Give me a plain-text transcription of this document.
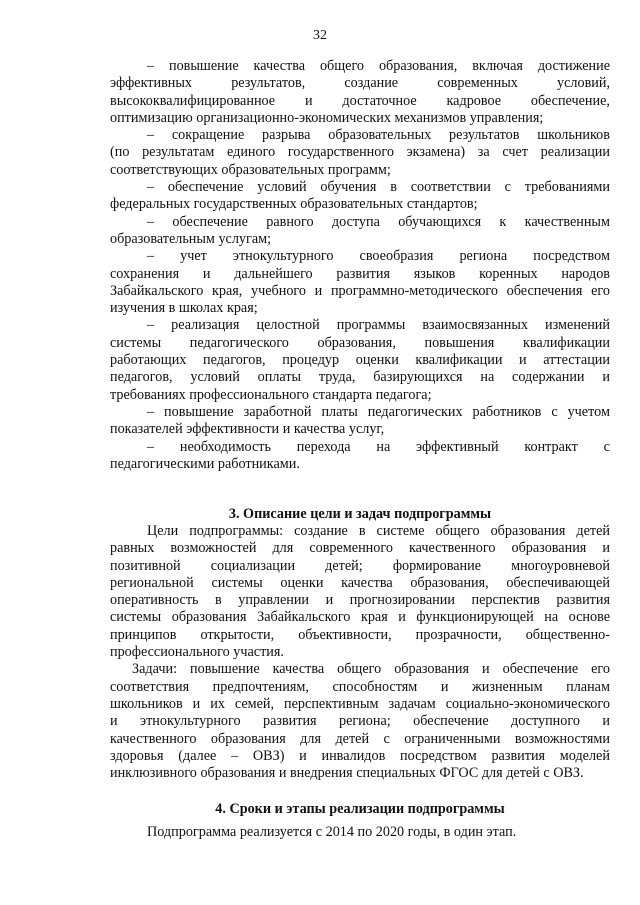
32
– повышение качества общего образования, включая достижение
эффективных	результатов,	создание	современных	условий,
высококвалифицированное и достаточное кадровое обеспечение,
оптимизацию организационно-экономических механизмов управления;
– сокращение разрыва образовательных результатов школьников
(по результатам единого государственного экзамена) за счет реализации
соответствующих образовательных программ;
– обеспечение условий обучения в соответствии с требованиями
федеральных государственных образовательных стандартов;
– обеспечение равного доступа обучающихся к качественным
образовательным услугам;
– учет этнокультурного своеобразия региона посредством
сохранения и дальнейшего развития языков коренных народов
Забайкальского края, учебного и программно-методического обеспечения его
изучения в школах края;
– реализация целостной программы взаимосвязанных изменений
системы педагогического образования, повышения квалификации
работающих педагогов, процедур оценки квалификации и аттестации
педагогов, условий оплаты труда, базирующихся на содержании и
требованиях профессионального стандарта педагога;
– повышение заработной платы педагогических работников с учетом
показателей эффективности и качества услуг,
– необходимость перехода на эффективный контракт с
педагогическими работниками.
3. Описание цели и задач подпрограммы
Цели подпрограммы: создание в системе общего образования детей
равных возможностей для современного качественного образования и
позитивной социализации детей; формирование многоуровневой
региональной системы оценки качества образования, обеспечивающей
оперативность в управлении и прогнозировании перспектив развития
системы образования Забайкальского края и функционирующей на основе
принципов открытости, объективности, прозрачности, общественно-
профессионального участия.
Задачи: повышение качества общего образования и обеспечение его
соответствия предпочтениям, способностям и жизненным планам
школьников и их семей, перспективным задачам социально-экономического
и этнокультурного развития региона; обеспечение доступного и
качественного образования для детей с ограниченными возможностями
здоровья (далее – ОВЗ) и инвалидов посредством развития моделей
инклюзивного образования и внедрения специальных ФГОС для детей с ОВЗ.
4. Сроки и этапы реализации подпрограммы
Подпрограмма реализуется с 2014 по 2020 годы, в один этап.
